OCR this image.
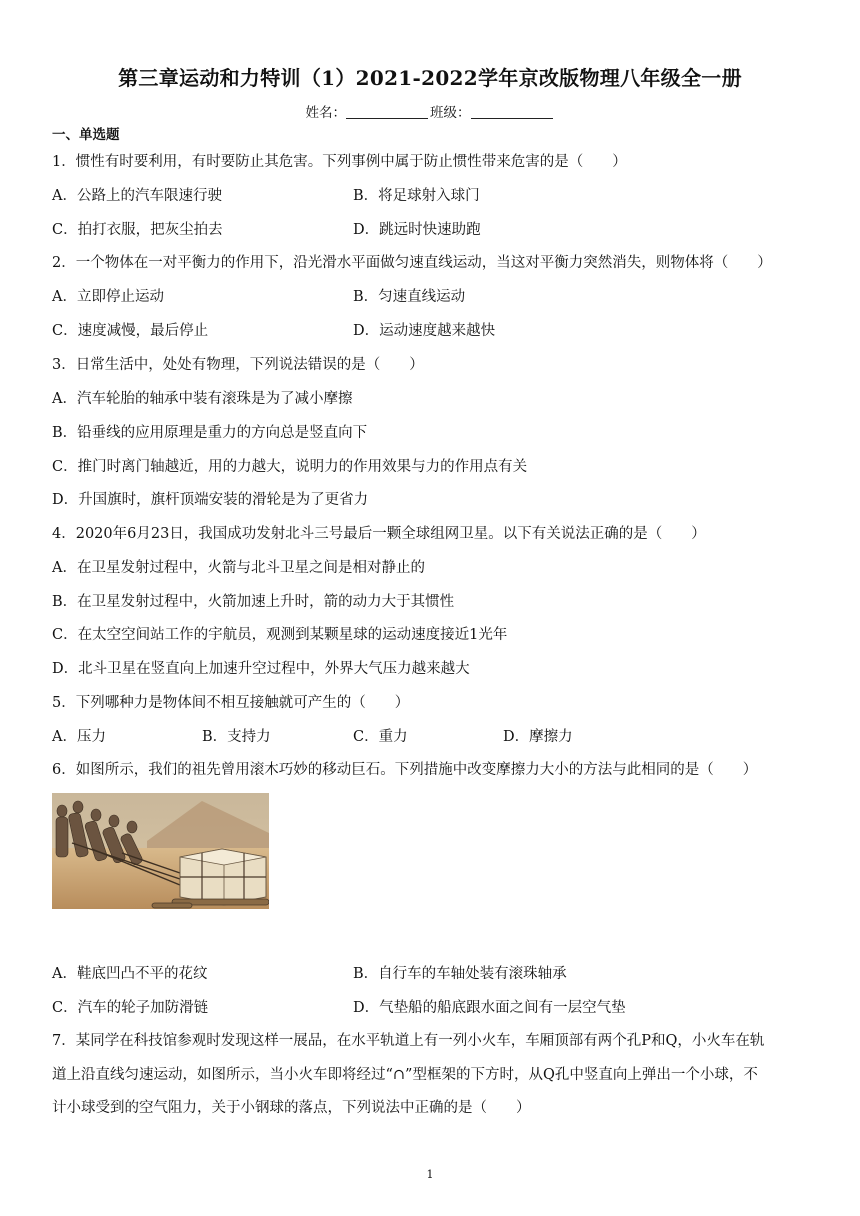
第三章运动和力特训（1）2021-2022学年京改版物理八年级全一册
姓名：	班级：
一、单选题
1．惯性有时要利用，有时要防止其危害。下列事例中属于防止惯性带来危害的是（　　）
A．公路上的汽车限速行驶	B．将足球射入球门
C．拍打衣服，把灰尘拍去	D．跳远时快速助跑
2．一个物体在一对平衡力的作用下，沿光滑水平面做匀速直线运动，当这对平衡力突然消失，则物体将（　　）
A．立即停止运动	B．匀速直线运动
C．速度减慢，最后停止	D．运动速度越来越快
3．日常生活中，处处有物理，下列说法错误的是（　　）
A．汽车轮胎的轴承中装有滚珠是为了减小摩擦
B．铅垂线的应用原理是重力的方向总是竖直向下
C．推门时离门轴越近，用的力越大，说明力的作用效果与力的作用点有关
D．升国旗时，旗杆顶端安装的滑轮是为了更省力
4．2020年6月23日，我国成功发射北斗三号最后一颗全球组网卫星。以下有关说法正确的是（　　）
A．在卫星发射过程中，火箭与北斗卫星之间是相对静止的
B．在卫星发射过程中，火箭加速上升时，箭的动力大于其惯性
C．在太空空间站工作的宇航员，观测到某颗星球的运动速度接近1光年
D．北斗卫星在竖直向上加速升空过程中，外界大气压力越来越大
5．下列哪种力是物体间不相互接触就可产生的（　　）
A．压力	B．支持力	C．重力	D．摩擦力
6．如图所示，我们的祖先曾用滚木巧妙的移动巨石。下列措施中改变摩擦力大小的方法与此相同的是（　　）
A．鞋底凹凸不平的花纹	B．自行车的车轴处装有滚珠轴承
C．汽车的轮子加防滑链	D．气垫船的船底跟水面之间有一层空气垫
7．某同学在科技馆参观时发现这样一展品，在水平轨道上有一列小火车，车厢顶部有两个孔P和Q，小火车在轨
道上沿直线匀速运动，如图所示，当小火车即将经过“∩”型框架的下方时，从Q孔中竖直向上弹出一个小球，不
计小球受到的空气阻力，关于小钢球的落点，下列说法中正确的是（　　）
1
